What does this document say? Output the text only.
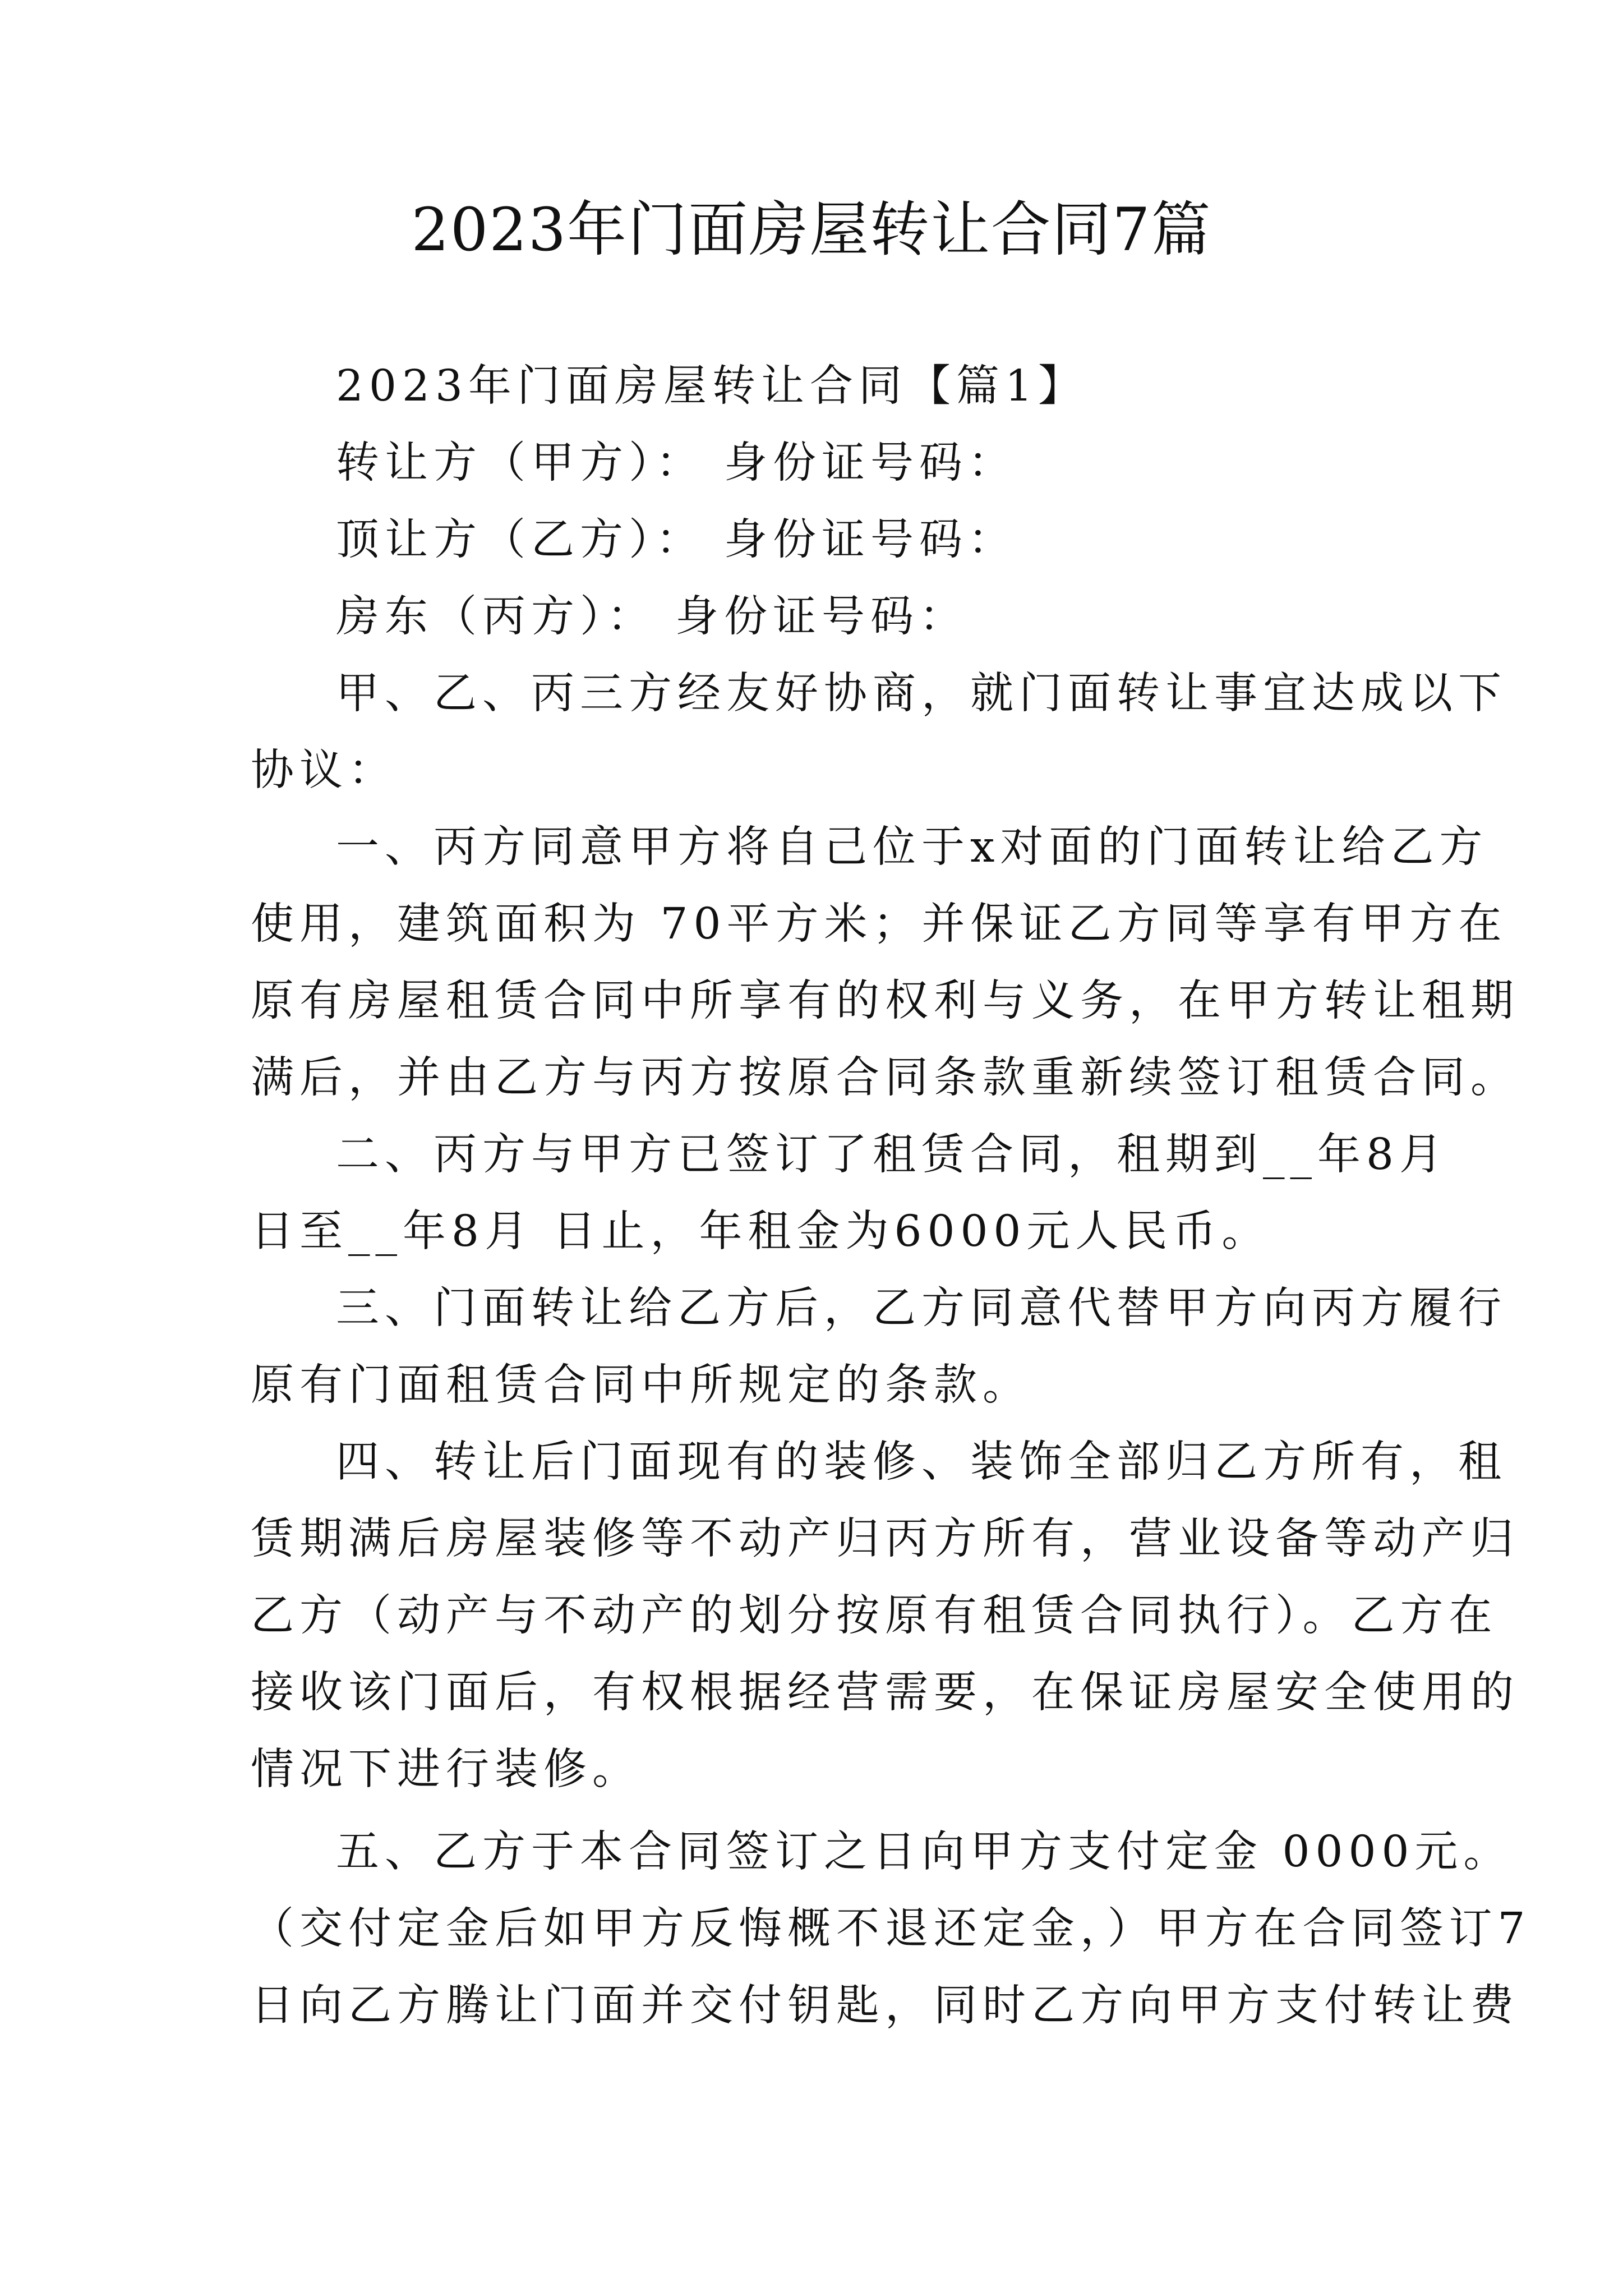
2023年门面房屋转让合同7篇
2023年门面房屋转让合同【篇1】
转让方（甲方）： 身份证号码：
顶让方（乙方）： 身份证号码：
房东（丙方）： 身份证号码：
甲、乙、丙三方经友好协商，就门面转让事宜达成以下
协议：
一、丙方同意甲方将自己位于x对面的门面转让给乙方
使用，建筑面积为 70平方米；并保证乙方同等享有甲方在
原有房屋租赁合同中所享有的权利与义务，在甲方转让租期
满后，并由乙方与丙方按原合同条款重新续签订租赁合同。
二、丙方与甲方已签订了租赁合同，租期到__年8月
日至__年8月 日止，年租金为6000元人民币。
三、门面转让给乙方后，乙方同意代替甲方向丙方履行
原有门面租赁合同中所规定的条款。
四、转让后门面现有的装修、装饰全部归乙方所有，租
赁期满后房屋装修等不动产归丙方所有，营业设备等动产归
乙方（动产与不动产的划分按原有租赁合同执行）。乙方在
接收该门面后，有权根据经营需要，在保证房屋安全使用的
情况下进行装修。
五、乙方于本合同签订之日向甲方支付定金 0000元。
（交付定金后如甲方反悔概不退还定金，）甲方在合同签订7
日向乙方腾让门面并交付钥匙，同时乙方向甲方支付转让费
